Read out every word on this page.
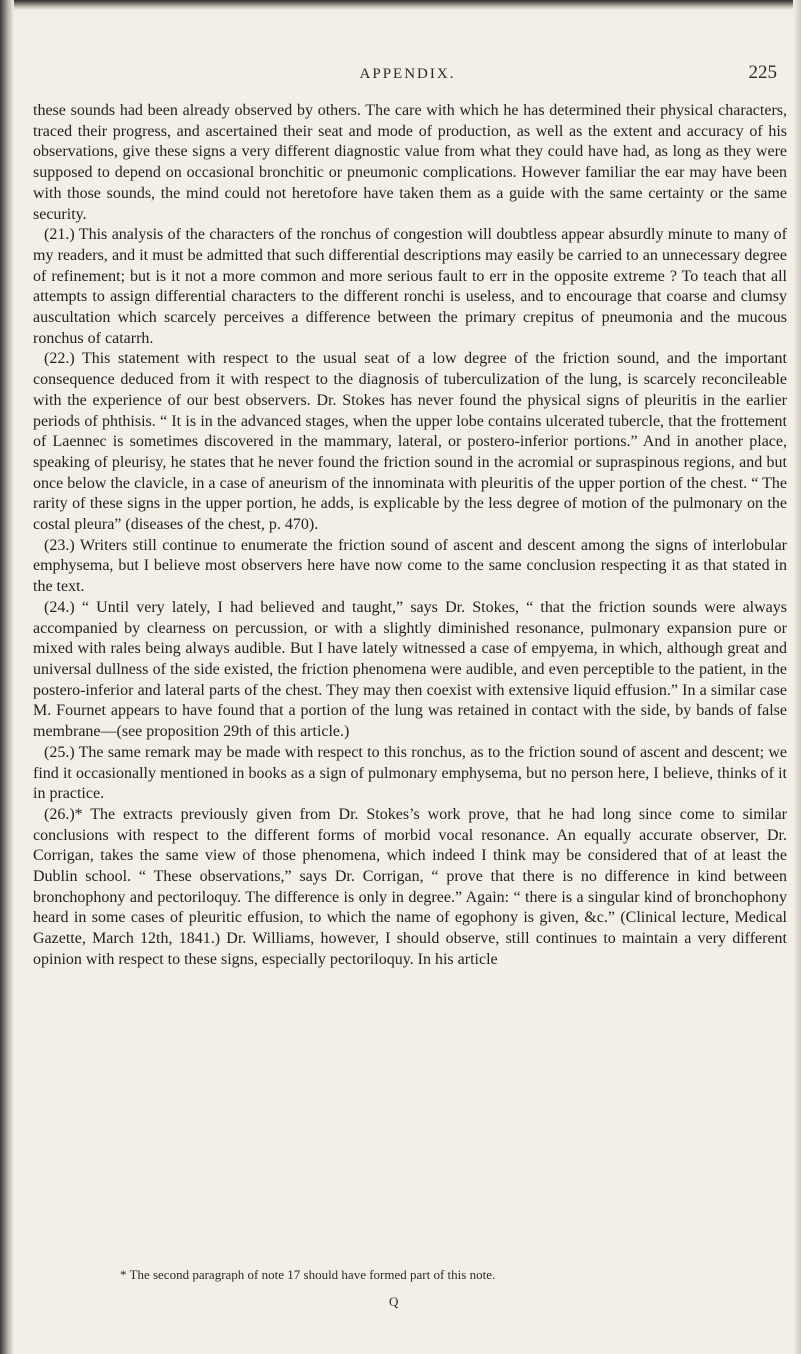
APPENDIX.	225

these sounds had been already observed by others. The care with which he has determined their physical characters, traced their progress, and ascertained their seat and mode of production, as well as the extent and accuracy of his observations, give these signs a very different diagnostic value from what they could have had, as long as they were supposed to depend on occasional bronchitic or pneumonic complications. However familiar the ear may have been with those sounds, the mind could not heretofore have taken them as a guide with the same certainty or the same security.

(21.) This analysis of the characters of the ronchus of congestion will doubtless appear absurdly minute to many of my readers, and it must be admitted that such differential descriptions may easily be carried to an unnecessary degree of refinement; but is it not a more common and more serious fault to err in the opposite extreme ? To teach that all attempts to assign differential characters to the different ronchi is useless, and to encourage that coarse and clumsy auscultation which scarcely perceives a difference between the primary crepitus of pneumonia and the mucous ronchus of catarrh.

(22.) This statement with respect to the usual seat of a low degree of the friction sound, and the important consequence deduced from it with respect to the diagnosis of tuberculization of the lung, is scarcely reconcileable with the experience of our best observers. Dr. Stokes has never found the physical signs of pleuritis in the earlier periods of phthisis. “ It is in the advanced stages, when the upper lobe contains ulcerated tubercle, that the frottement of Laennec is sometimes discovered in the mammary, lateral, or postero-inferior portions.” And in another place, speaking of pleurisy, he states that he never found the friction sound in the acromial or supraspinous regions, and but once below the clavicle, in a case of aneurism of the innominata with pleuritis of the upper portion of the chest. “ The rarity of these signs in the upper portion, he adds, is explicable by the less degree of motion of the pulmonary on the costal pleura” (diseases of the chest, p. 470).

(23.) Writers still continue to enumerate the friction sound of ascent and descent among the signs of interlobular emphysema, but I believe most observers here have now come to the same conclusion respecting it as that stated in the text.

(24.) “ Until very lately, I had believed and taught,” says Dr. Stokes, “ that the friction sounds were always accompanied by clearness on percussion, or with a slightly diminished resonance, pulmonary expansion pure or mixed with rales being always audible. But I have lately witnessed a case of empyema, in which, although great and universal dullness of the side existed, the friction phenomena were audible, and even perceptible to the patient, in the postero-inferior and lateral parts of the chest. They may then coexist with extensive liquid effusion.” In a similar case M. Fournet appears to have found that a portion of the lung was retained in contact with the side, by bands of false membrane—(see proposition 29th of this article.)

(25.) The same remark may be made with respect to this ronchus, as to the friction sound of ascent and descent; we find it occasionally mentioned in books as a sign of pulmonary emphysema, but no person here, I believe, thinks of it in practice.

(26.)* The extracts previously given from Dr. Stokes’s work prove, that he had long since come to similar conclusions with respect to the different forms of morbid vocal resonance. An equally accurate observer, Dr. Corrigan, takes the same view of those phenomena, which indeed I think may be considered that of at least the Dublin school. “ These observations,” says Dr. Corrigan, “ prove that there is no difference in kind between bronchophony and pectoriloquy. The difference is only in degree.” Again: “ there is a singular kind of bronchophony heard in some cases of pleuritic effusion, to which the name of egophony is given, &c.” (Clinical lecture, Medical Gazette, March 12th, 1841.) Dr. Williams, however, I should observe, still continues to maintain a very different opinion with respect to these signs, especially pectoriloquy. In his article

* The second paragraph of note 17 should have formed part of this note.
Q
